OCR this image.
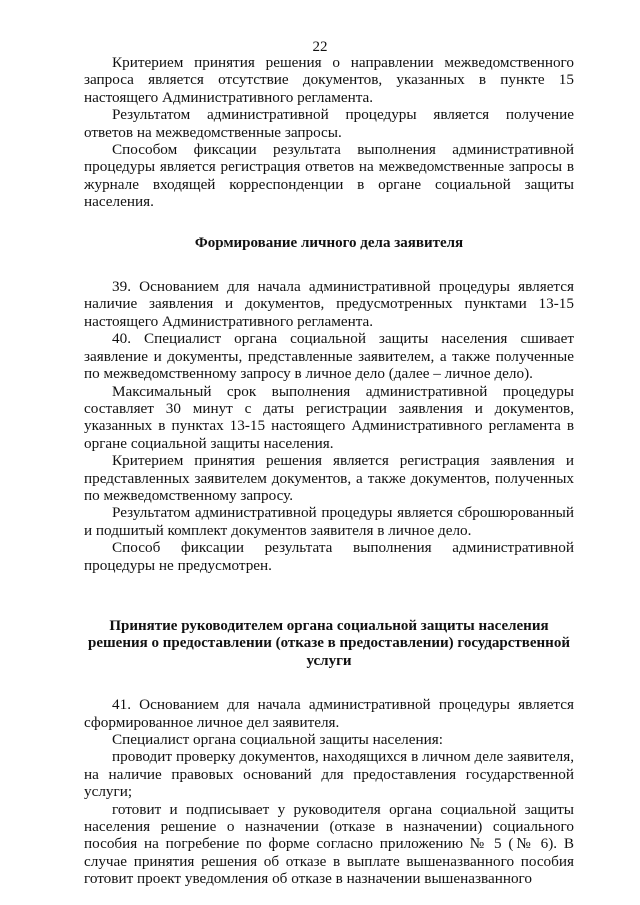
22

Критерием принятия решения о направлении межведомственного запроса является отсутствие документов, указанных в пункте 15 настоящего Административного регламента.

Результатом административной процедуры является получение ответов на межведомственные запросы.

Способом фиксации результата выполнения административной процедуры является регистрация ответов на межведомственные запросы в журнале входящей корреспонденции в органе социальной защиты населения.

Формирование личного дела заявителя

39. Основанием для начала административной процедуры является наличие заявления и документов, предусмотренных пунктами 13-15 настоящего Административного регламента.

40. Специалист органа социальной защиты населения сшивает заявление и документы, представленные заявителем, а также полученные по межведомственному запросу в личное дело (далее – личное дело).

Максимальный срок выполнения административной процедуры составляет 30 минут с даты регистрации заявления и документов, указанных в пунктах 13-15 настоящего Административного регламента в органе социальной защиты населения.

Критерием принятия решения является регистрация заявления и представленных заявителем документов, а также документов, полученных по межведомственному запросу.

Результатом административной процедуры является сброшюрованный и подшитый комплект документов заявителя в личное дело.

Способ фиксации результата выполнения административной процедуры не предусмотрен.

Принятие руководителем органа социальной защиты населения

решения о предоставлении (отказе в предоставлении) государственной

услуги

41. Основанием для начала административной процедуры является сформированное личное дел заявителя.

Специалист органа социальной защиты населения:

проводит проверку документов, находящихся в личном деле заявителя, на наличие правовых оснований для предоставления государственной услуги;

готовит и подписывает у руководителя органа социальной защиты населения решение о назначении (отказе в назначении) социального пособия на погребение по форме согласно приложению № 5 (№ 6). В случае принятия решения об отказе в выплате вышеназванного пособия готовит проект уведомления об отказе в назначении вышеназванного
